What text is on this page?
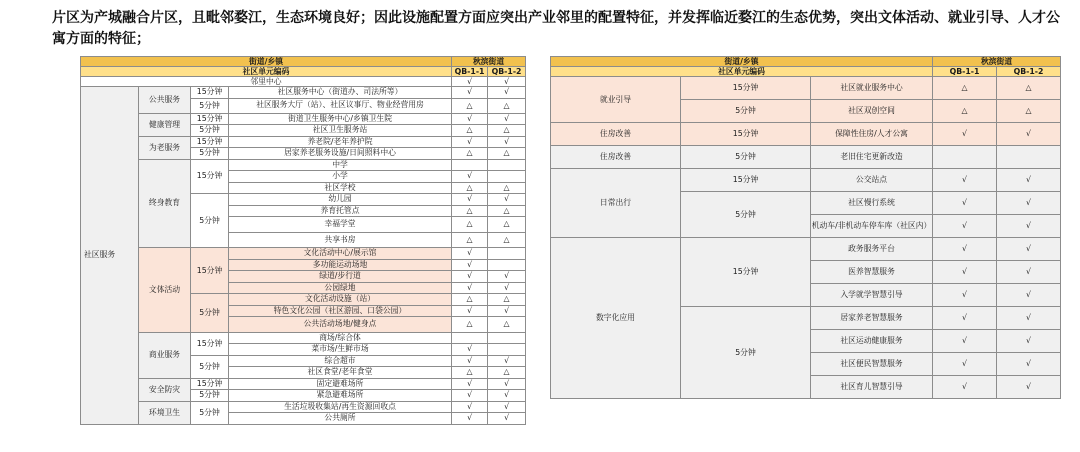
片区为产城融合片区，且毗邻婺江，生态环境良好；因此设施配置方面应突出产业邻里的配置特征，并发挥临近婺江的生态优势，突出文体活动、就业引导、人才公寓方面的特征；
街道/乡镇				秋滨街道	
社区单元编码				QB-1-1	QB-1-2
邻里中心				√	√
社区服务	公共服务	15分钟	社区服务中心（街道办、司法所等）	√	√
		5分钟	社区服务大厅（站）、社区议事厅、物业经营用房	△	△
	健康管理	15分钟	街道卫生服务中心/乡镇卫生院	√	√
		5分钟	社区卫生服务站	△	△
	为老服务	15分钟	养老院/老年养护院	√	√
		5分钟	居家养老服务设施/日间照料中心	△	△
	终身教育	15分钟	中学		
			小学	√	
			社区学校	△	△
		5分钟	幼儿园	√	√
			养育托管点	△	△
			幸福学堂	△	△
			共享书房	△	△
	文体活动	15分钟	文化活动中心/展示馆	√	
			多功能运动场地	√	
			绿道/步行道	√	√
			公园绿地	√	√
		5分钟	文化活动设施（站）	△	△
			特色文化公园（社区游园、口袋公园）	√	√
			公共活动场地/健身点	△	△
	商业服务	15分钟	商场/综合体		
			菜市场/生鲜市场	√	
		5分钟	综合超市	√	√
			社区食堂/老年食堂	△	△
	安全防灾	15分钟	固定避难场所	√	√
		5分钟	紧急避难场所	√	√
	环境卫生	5分钟	生活垃圾收集站/再生资源回收点	√	√
			公共厕所	√	√
街道/乡镇			秋滨街道	
社区单元编码			QB-1-1	QB-1-2
就业引导	15分钟	社区就业服务中心	△	△
	5分钟	社区双创空间	△	△
住房改善	15分钟	保障性住房/人才公寓	√	√
住房改善	5分钟	老旧住宅更新改造		
日常出行	15分钟	公交站点	√	√
	5分钟	社区慢行系统	√	√
		机动车/非机动车停车库（社区内）	√	√
数字化应用	15分钟	政务服务平台	√	√
		医养智慧服务	√	√
		入学就学智慧引导	√	√
	5分钟	居家养老智慧服务	√	√
		社区运动健康服务	√	√
		社区便民智慧服务	√	√
		社区育儿智慧引导	√	√
